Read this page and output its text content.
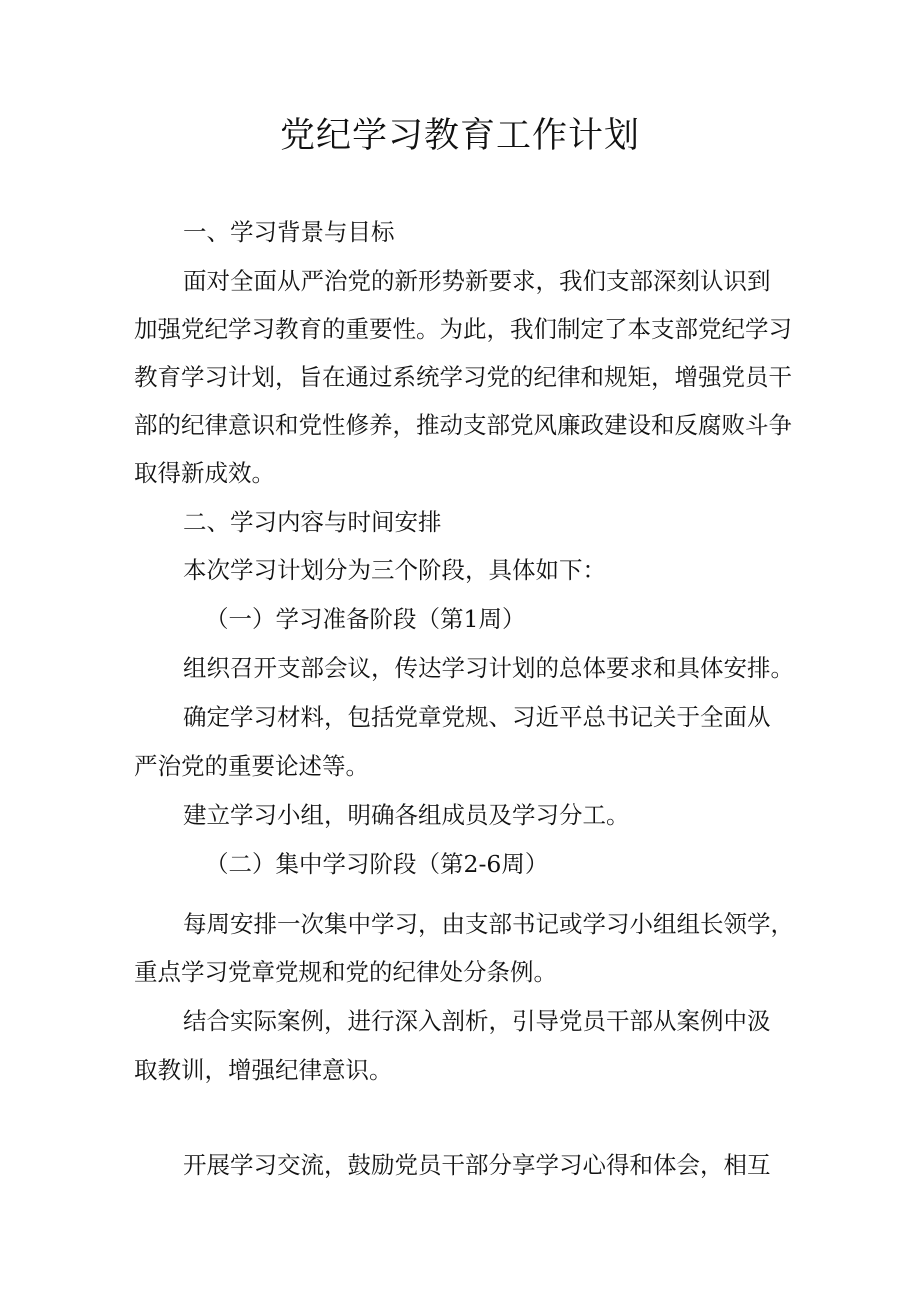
党纪学习教育工作计划

一、学习背景与目标

面对全面从严治党的新形势新要求，我们支部深刻认识到

加强党纪学习教育的重要性。为此，我们制定了本支部党纪学习

教育学习计划，旨在通过系统学习党的纪律和规矩，增强党员干

部的纪律意识和党性修养，推动支部党风廉政建设和反腐败斗争

取得新成效。

二、学习内容与时间安排

本次学习计划分为三个阶段，具体如下：

（一）学习准备阶段（第1周）

组织召开支部会议，传达学习计划的总体要求和具体安排。

确定学习材料，包括党章党规、习近平总书记关于全面从

严治党的重要论述等。

建立学习小组，明确各组成员及学习分工。

（二）集中学习阶段（第2-6周）

每周安排一次集中学习，由支部书记或学习小组组长领学，

重点学习党章党规和党的纪律处分条例。

结合实际案例，进行深入剖析，引导党员干部从案例中汲

取教训，增强纪律意识。

开展学习交流，鼓励党员干部分享学习心得和体会，相互
